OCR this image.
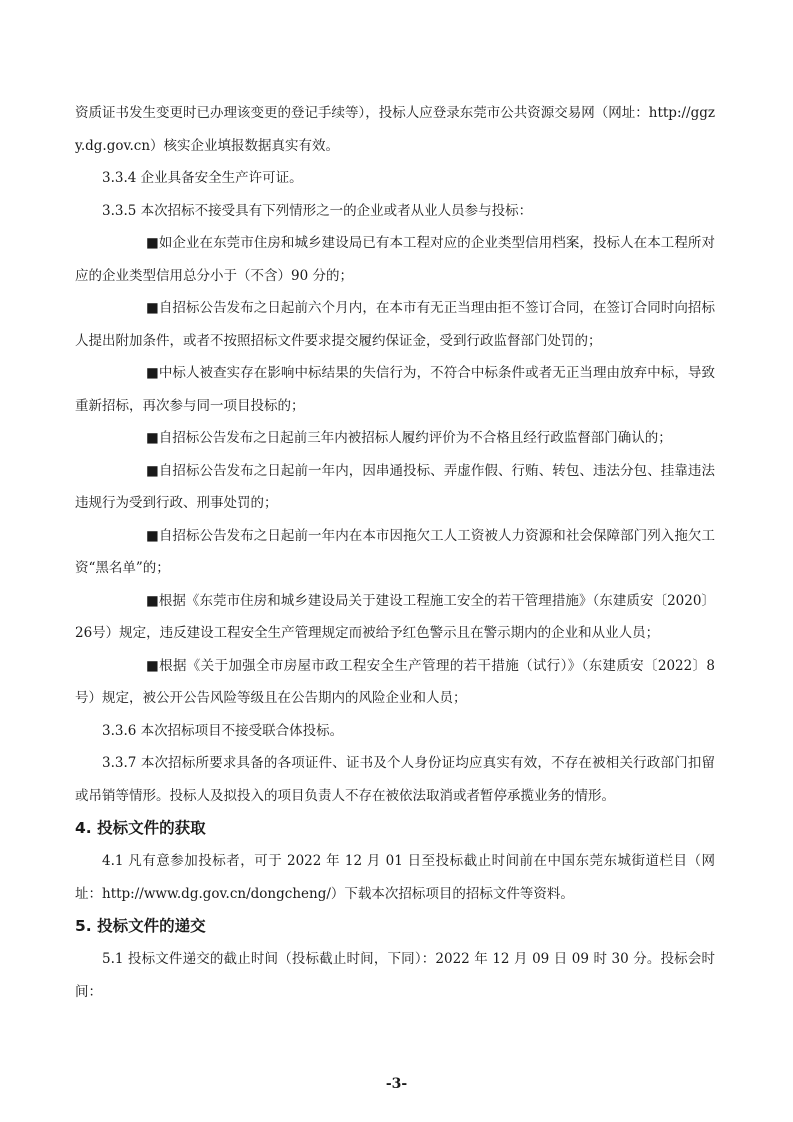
资质证书发生变更时已办理该变更的登记手续等），投标人应登录东莞市公共资源交易网（网址：http://ggzy.dg.gov.cn）核实企业填报数据真实有效。

3.3.4 企业具备安全生产许可证。

3.3.5 本次招标不接受具有下列情形之一的企业或者从业人员参与投标：

■如企业在东莞市住房和城乡建设局已有本工程对应的企业类型信用档案，投标人在本工程所对应的企业类型信用总分小于（不含）90 分的；

■自招标公告发布之日起前六个月内，在本市有无正当理由拒不签订合同，在签订合同时向招标人提出附加条件，或者不按照招标文件要求提交履约保证金，受到行政监督部门处罚的；

■中标人被查实存在影响中标结果的失信行为，不符合中标条件或者无正当理由放弃中标，导致重新招标，再次参与同一项目投标的；

■自招标公告发布之日起前三年内被招标人履约评价为不合格且经行政监督部门确认的；

■自招标公告发布之日起前一年内，因串通投标、弄虚作假、行贿、转包、违法分包、挂靠违法违规行为受到行政、刑事处罚的；

■自招标公告发布之日起前一年内在本市因拖欠工人工资被人力资源和社会保障部门列入拖欠工资“黑名单”的；

■根据《东莞市住房和城乡建设局关于建设工程施工安全的若干管理措施》（东建质安〔2020〕26号）规定，违反建设工程安全生产管理规定而被给予红色警示且在警示期内的企业和从业人员；

■根据《关于加强全市房屋市政工程安全生产管理的若干措施（试行）》（东建质安〔2022〕8 号）规定，被公开公告风险等级且在公告期内的风险企业和人员；

3.3.6 本次招标项目不接受联合体投标。

3.3.7 本次招标所要求具备的各项证件、证书及个人身份证均应真实有效，不存在被相关行政部门扣留或吊销等情形。投标人及拟投入的项目负责人不存在被依法取消或者暂停承揽业务的情形。

4. 投标文件的获取

4.1 凡有意参加投标者，可于 2022 年 12 月 01 日至投标截止时间前在中国东莞东城街道栏目（网址：http://www.dg.gov.cn/dongcheng/）下载本次招标项目的招标文件等资料。

5. 投标文件的递交

5.1 投标文件递交的截止时间（投标截止时间，下同）：2022 年 12 月 09 日 09 时 30 分。投标会时间：

-3-
